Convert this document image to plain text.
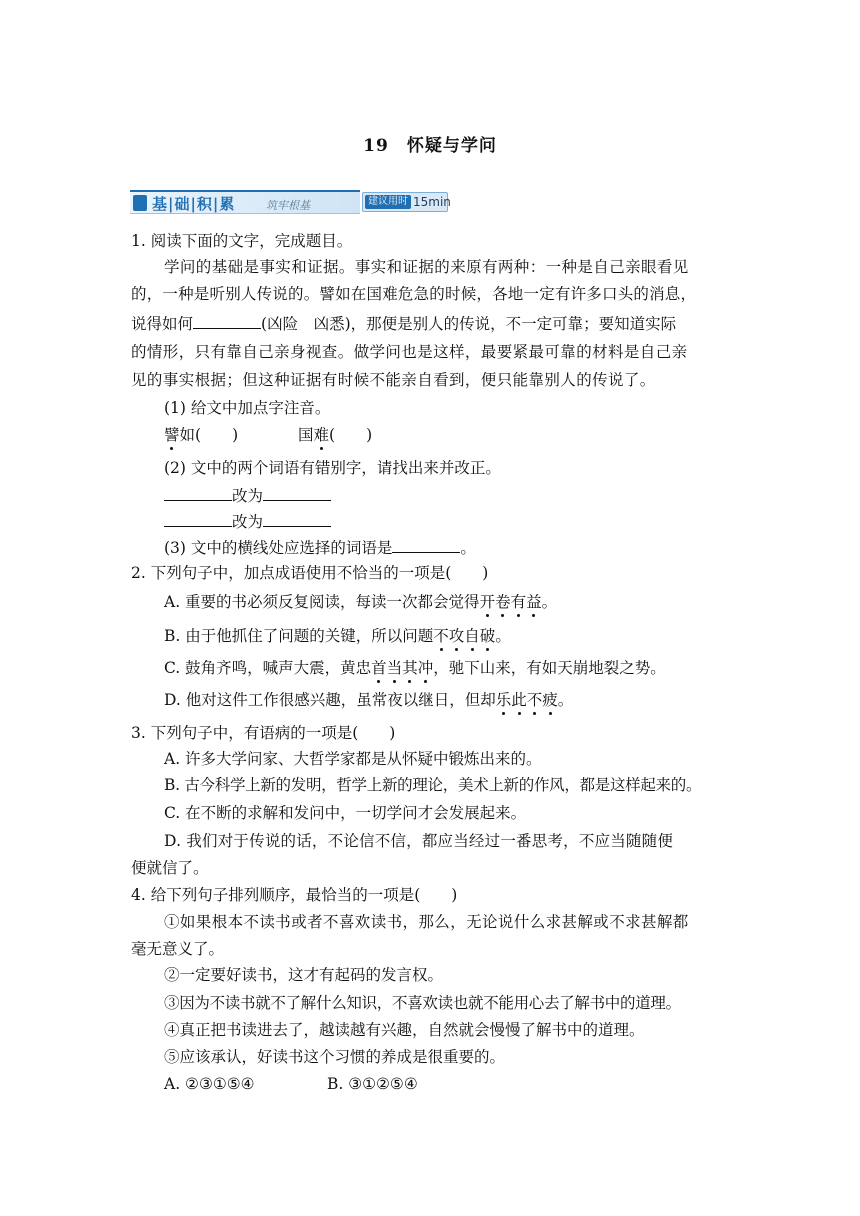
19　怀疑与学问
基|础|积|累	筑牢根基	建议用时 15min
1. 阅读下面的文字，完成题目。
学问的基础是事实和证据。事实和证据的来原有两种：一种是自己亲眼看见
的，一种是听别人传说的。譬如在国难危急的时候，各地一定有许多口头的消息，
说得如何	(凶险　凶悉)，那便是别人的传说，不一定可靠；要知道实际
的情形，只有靠自己亲身视查。做学问也是这样，最要紧最可靠的材料是自己亲
见的事实根据；但这种证据有时候不能亲自看到，便只能靠别人的传说了。
(1) 给文中加点字注音。
譬如(　　)	国难(　　)
(2) 文中的两个词语有错别字，请找出来并改正。
改为
改为
(3) 文中的横线处应选择的词语是	。
2. 下列句子中，加点成语使用不恰当的一项是(　　)
A. 重要的书必须反复阅读，每读一次都会觉得开卷有益。
B. 由于他抓住了问题的关键，所以问题不攻自破。
C. 鼓角齐鸣，喊声大震，黄忠首当其冲，驰下山来，有如天崩地裂之势。
D. 他对这件工作很感兴趣，虽常夜以继日，但却乐此不疲。
3. 下列句子中，有语病的一项是(　　)
A. 许多大学问家、大哲学家都是从怀疑中锻炼出来的。
B. 古今科学上新的发明，哲学上新的理论，美术上新的作风，都是这样起来的。
C. 在不断的求解和发问中，一切学问才会发展起来。
D. 我们对于传说的话，不论信不信，都应当经过一番思考，不应当随随便
便就信了。
4. 给下列句子排列顺序，最恰当的一项是(　　)
①如果根本不读书或者不喜欢读书，那么，无论说什么求甚解或不求甚解都
毫无意义了。
②一定要好读书，这才有起码的发言权。
③因为不读书就不了解什么知识，不喜欢读也就不能用心去了解书中的道理。
④真正把书读进去了，越读越有兴趣，自然就会慢慢了解书中的道理。
⑤应该承认，好读书这个习惯的养成是很重要的。
A. ②③①⑤④	B. ③①②⑤④
